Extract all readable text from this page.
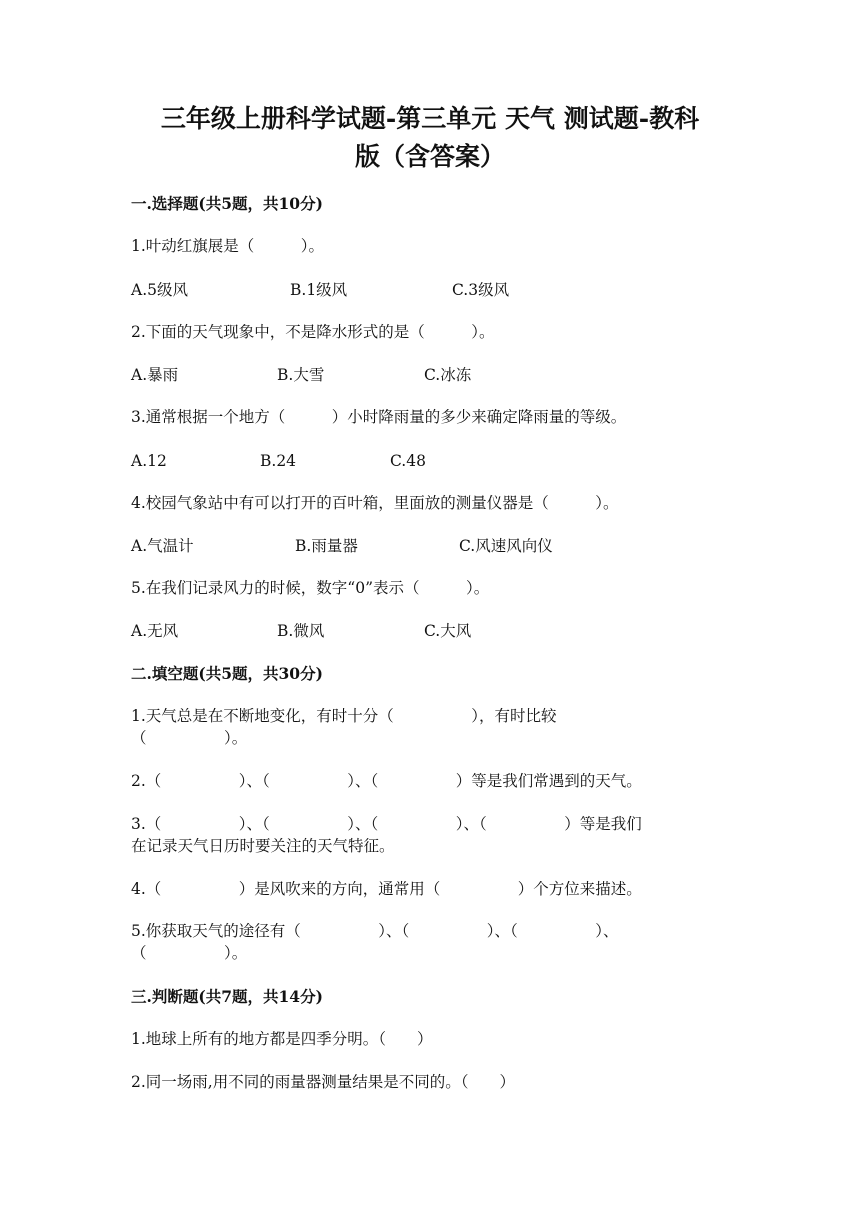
三年级上册科学试题-第三单元 天气 测试题-教科
版（含答案）
一.选择题(共5题，共10分)
1.叶动红旗展是（　　　）。
A.5级风	B.1级风	C.3级风
2.下面的天气现象中，不是降水形式的是（　　　）。
A.暴雨	B.大雪	C.冰冻
3.通常根据一个地方（　　　）小时降雨量的多少来确定降雨量的等级。
A.12	B.24	C.48
4.校园气象站中有可以打开的百叶箱，里面放的测量仪器是（　　　）。
A.气温计	B.雨量器	C.风速风向仪
5.在我们记录风力的时候，数字“0”表示（　　　）。
A.无风	B.微风	C.大风
二.填空题(共5题，共30分)
1.天气总是在不断地变化，有时十分（　　　　　），有时比较
（　　　　　）。
2.（　　　　　）、（　　　　　）、（　　　　　）等是我们常遇到的天气。
3.（　　　　　）、（　　　　　）、（　　　　　）、（　　　　　）等是我们
在记录天气日历时要关注的天气特征。
4.（　　　　　）是风吹来的方向，通常用（　　　　　）个方位来描述。
5.你获取天气的途径有（　　　　　）、（　　　　　）、（　　　　　）、
（　　　　　）。
三.判断题(共7题，共14分)
1.地球上所有的地方都是四季分明。（　　）
2.同一场雨,用不同的雨量器测量结果是不同的。（　　）
